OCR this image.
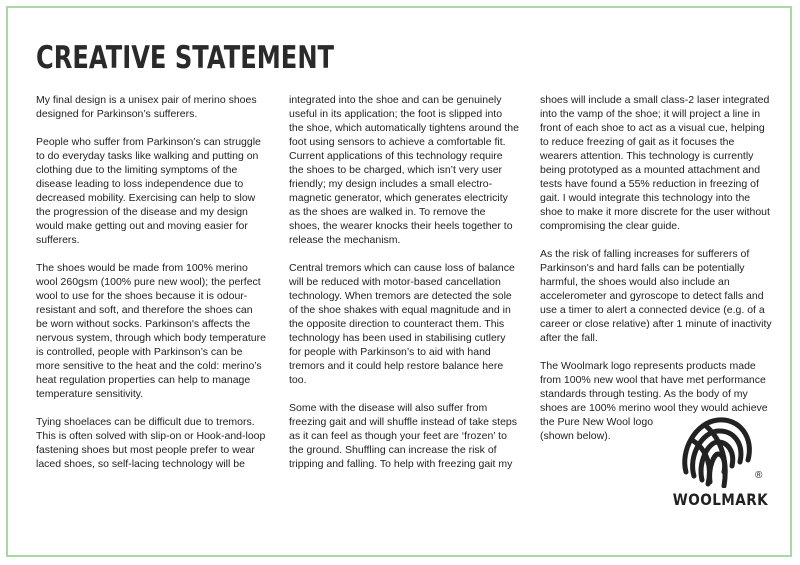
CREATIVE STATEMENT

My final design is a unisex pair of merino shoes designed for Parkinson’s sufferers.

People who suffer from Parkinson’s can struggle to do everyday tasks like walking and putting on clothing due to the limiting symptoms of the disease leading to loss independence due to decreased mobility. Exercising can help to slow the progression of the disease and my design would make getting out and moving easier for sufferers.

The shoes would be made from 100% merino wool 260gsm (100% pure new wool); the perfect wool to use for the shoes because it is odour-resistant and soft, and therefore the shoes can be worn without socks. Parkinson's affects the nervous system, through which body temperature is controlled, people with Parkinson’s can be more sensitive to the heat and the cold: merino’s heat regulation properties can help to manage temperature sensitivity.

Tying shoelaces can be difficult due to tremors. This is often solved with slip-on or Hook-and-loop fastening shoes but most people prefer to wear laced shoes, so self-lacing technology will be

integrated into the shoe and can be genuinely useful in its application; the foot is slipped into the shoe, which automatically tightens around the foot using sensors to achieve a comfortable fit. Current applications of this technology require the shoes to be charged, which isn’t very user friendly; my design includes a small electro-magnetic generator, which generates electricity as the shoes are walked in. To remove the shoes, the wearer knocks their heels together to release the mechanism.

Central tremors which can cause loss of balance will be reduced with motor-based cancellation technology. When tremors are detected the sole of the shoe shakes with equal magnitude and in the opposite direction to counteract them. This technology has been used in stabilising cutlery for people with Parkinson’s to aid with hand tremors and it could help restore balance here too.

Some with the disease will also suffer from freezing gait and will shuffle instead of take steps as it can feel as though your feet are ‘frozen’ to the ground. Shuffling can increase the risk of tripping and falling. To help with freezing gait my

shoes will include a small class-2 laser integrated into the vamp of the shoe; it will project a line in front of each shoe to act as a visual cue, helping to reduce freezing of gait as it focuses the wearers attention. This technology is currently being prototyped as a mounted attachment and tests have found a 55% reduction in freezing of gait. I would integrate this technology into the shoe to make it more discrete for the user without compromising the clear guide.

As the risk of falling increases for sufferers of Parkinson's and hard falls can be potentially harmful, the shoes would also include an accelerometer and gyroscope to detect falls and use a timer to alert a connected device (e.g. of a career or close relative) after 1 minute of inactivity after the fall.

The Woolmark logo represents products made from 100% new wool that have met performance standards through testing. As the body of my shoes are 100% merino wool they would achieve the Pure New Wool logo

(shown below).

®
WOOLMARK
